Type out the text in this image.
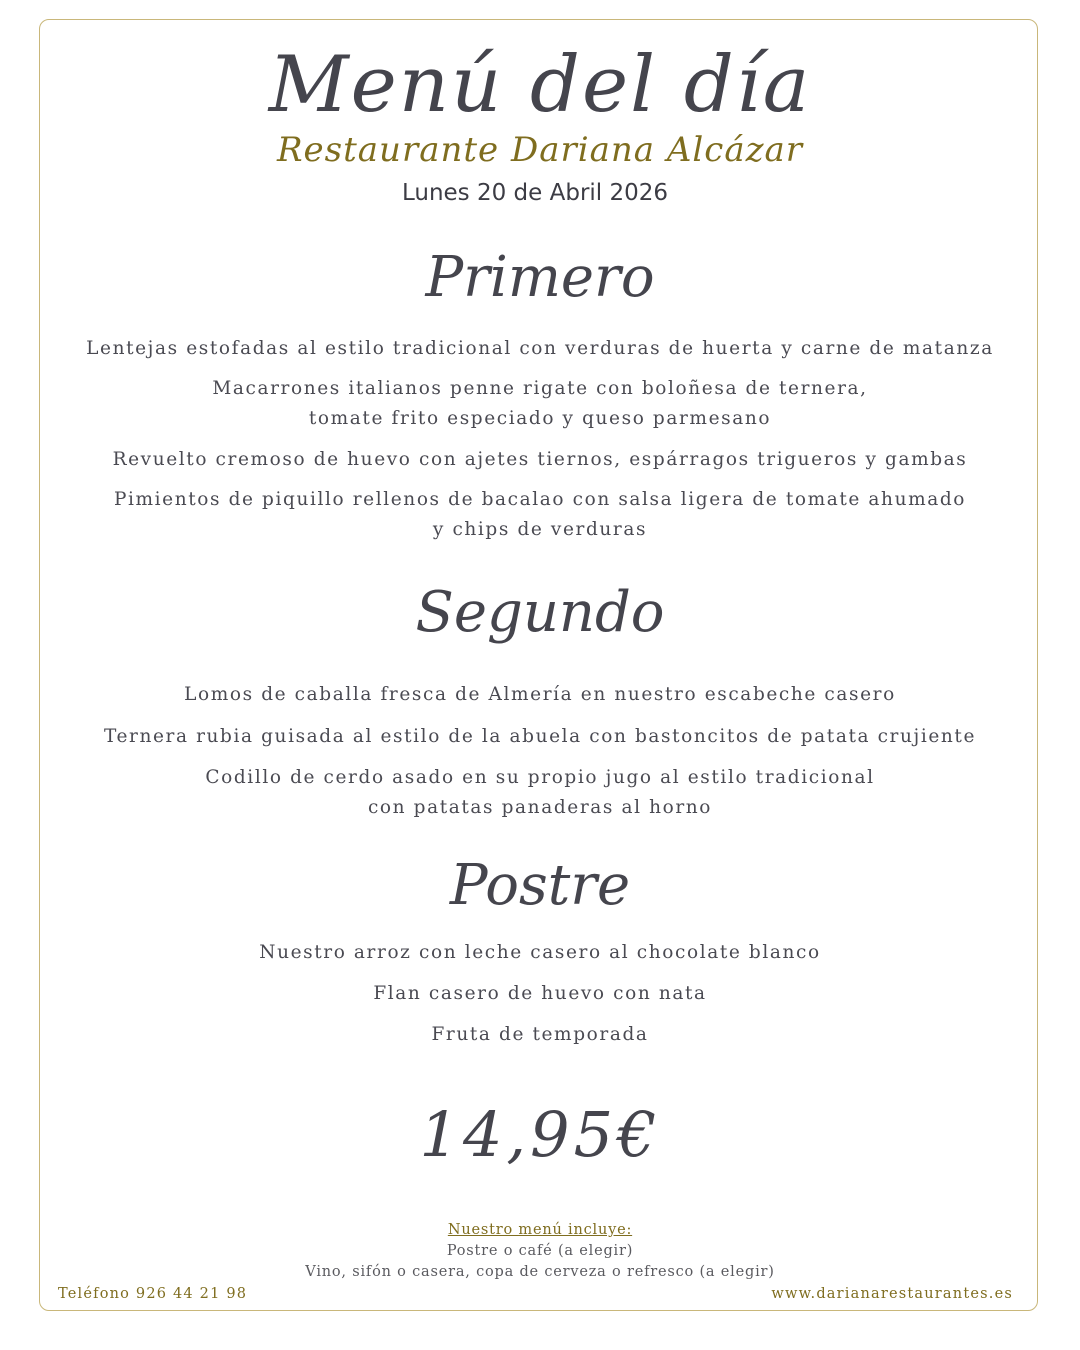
Menú del día
Restaurante Dariana Alcázar
Lunes 20 de Abril 2026
Primero
Lentejas estofadas al estilo tradicional con verduras de huerta y carne de matanza
Macarrones italianos penne rigate con boloñesa de ternera,
tomate frito especiado y queso parmesano
Revuelto cremoso de huevo con ajetes tiernos, espárragos trigueros y gambas
Pimientos de piquillo rellenos de bacalao con salsa ligera de tomate ahumado
y chips de verduras
Segundo
Lomos de caballa fresca de Almería en nuestro escabeche casero
Ternera rubia guisada al estilo de la abuela con bastoncitos de patata crujiente
Codillo de cerdo asado en su propio jugo al estilo tradicional
con patatas panaderas al horno
Postre
Nuestro arroz con leche casero al chocolate blanco
Flan casero de huevo con nata
Fruta de temporada
14,95€
Nuestro menú incluye:
Postre o café (a elegir)
Vino, sifón o casera, copa de cerveza o refresco (a elegir)
Teléfono 926 44 21 98	www.darianarestaurantes.es
